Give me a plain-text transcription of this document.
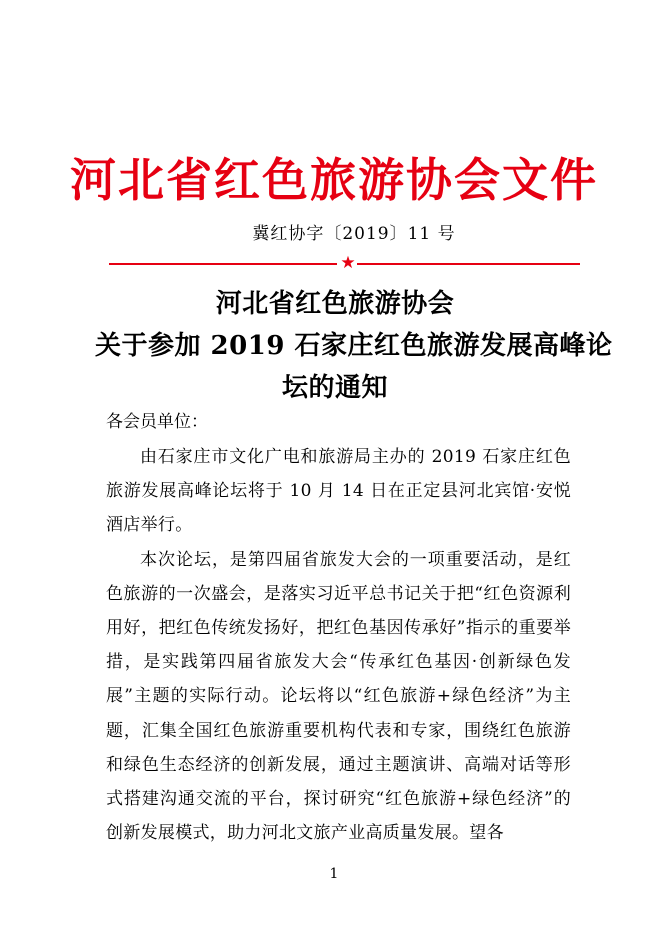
河北省红色旅游协会文件
冀红协字〔2019〕11 号
★
河北省红色旅游协会
关于参加 2019 石家庄红色旅游发展高峰论
坛的通知
各会员单位：

由石家庄市文化广电和旅游局主办的 2019 石家庄红色旅游发展高峰论坛将于 10 月 14 日在正定县河北宾馆·安悦酒店举行。

本次论坛，是第四届省旅发大会的一项重要活动，是红色旅游的一次盛会，是落实习近平总书记关于把“红色资源利用好，把红色传统发扬好，把红色基因传承好”指示的重要举措，是实践第四届省旅发大会“传承红色基因·创新绿色发展”主题的实际行动。论坛将以“红色旅游+绿色经济”为主题，汇集全国红色旅游重要机构代表和专家，围绕红色旅游和绿色生态经济的创新发展，通过主题演讲、高端对话等形式搭建沟通交流的平台，探讨研究“红色旅游+绿色经济”的创新发展模式，助力河北文旅产业高质量发展。望各

1
